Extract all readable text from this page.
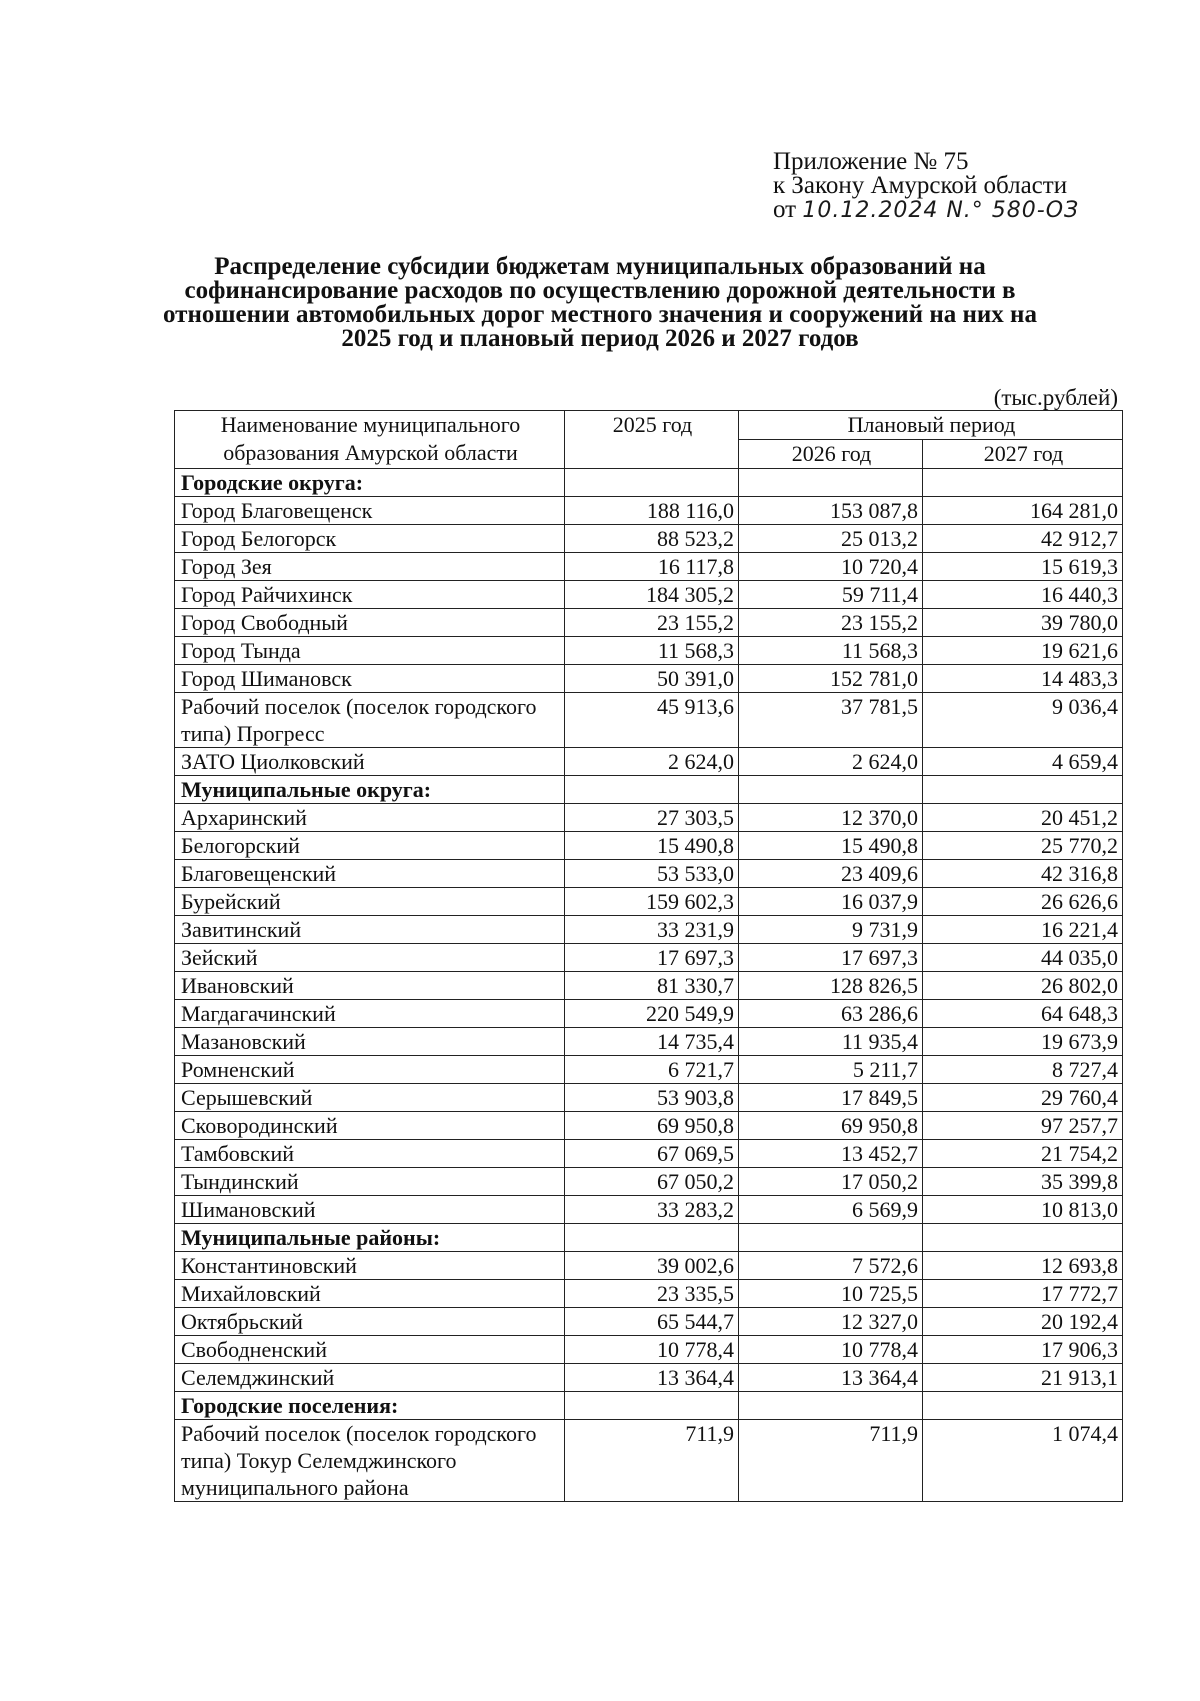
Приложение № 75
к Закону Амурской области
от 10.12.2024 N.° 580-ОЗ
Распределение субсидии бюджетам муниципальных образований на софинансирование расходов по осуществлению дорожной деятельности в отношении автомобильных дорог местного значения и сооружений на них на 2025 год и плановый период 2026 и 2027 годов
(тыс.рублей)
Наименование муниципального образования Амурской области	2025 год	Плановый период	
		2026 год	2027 год
Городские округа:			
Город Благовещенск	188 116,0	153 087,8	164 281,0
Город Белогорск	88 523,2	25 013,2	42 912,7
Город Зея	16 117,8	10 720,4	15 619,3
Город Райчихинск	184 305,2	59 711,4	16 440,3
Город Свободный	23 155,2	23 155,2	39 780,0
Город Тында	11 568,3	11 568,3	19 621,6
Город Шимановск	50 391,0	152 781,0	14 483,3
Рабочий поселок (поселок городского типа) Прогресс	45 913,6	37 781,5	9 036,4
ЗАТО Циолковский	2 624,0	2 624,0	4 659,4
Муниципальные округа:			
Архаринский	27 303,5	12 370,0	20 451,2
Белогорский	15 490,8	15 490,8	25 770,2
Благовещенский	53 533,0	23 409,6	42 316,8
Бурейский	159 602,3	16 037,9	26 626,6
Завитинский	33 231,9	9 731,9	16 221,4
Зейский	17 697,3	17 697,3	44 035,0
Ивановский	81 330,7	128 826,5	26 802,0
Магдагачинский	220 549,9	63 286,6	64 648,3
Мазановский	14 735,4	11 935,4	19 673,9
Ромненский	6 721,7	5 211,7	8 727,4
Серышевский	53 903,8	17 849,5	29 760,4
Сковородинский	69 950,8	69 950,8	97 257,7
Тамбовский	67 069,5	13 452,7	21 754,2
Тындинский	67 050,2	17 050,2	35 399,8
Шимановский	33 283,2	6 569,9	10 813,0
Муниципальные районы:			
Константиновский	39 002,6	7 572,6	12 693,8
Михайловский	23 335,5	10 725,5	17 772,7
Октябрьский	65 544,7	12 327,0	20 192,4
Свободненский	10 778,4	10 778,4	17 906,3
Селемджинский	13 364,4	13 364,4	21 913,1
Городские поселения:			
Рабочий поселок (поселок городского типа) Токур Селемджинского муниципального района	711,9	711,9	1 074,4
